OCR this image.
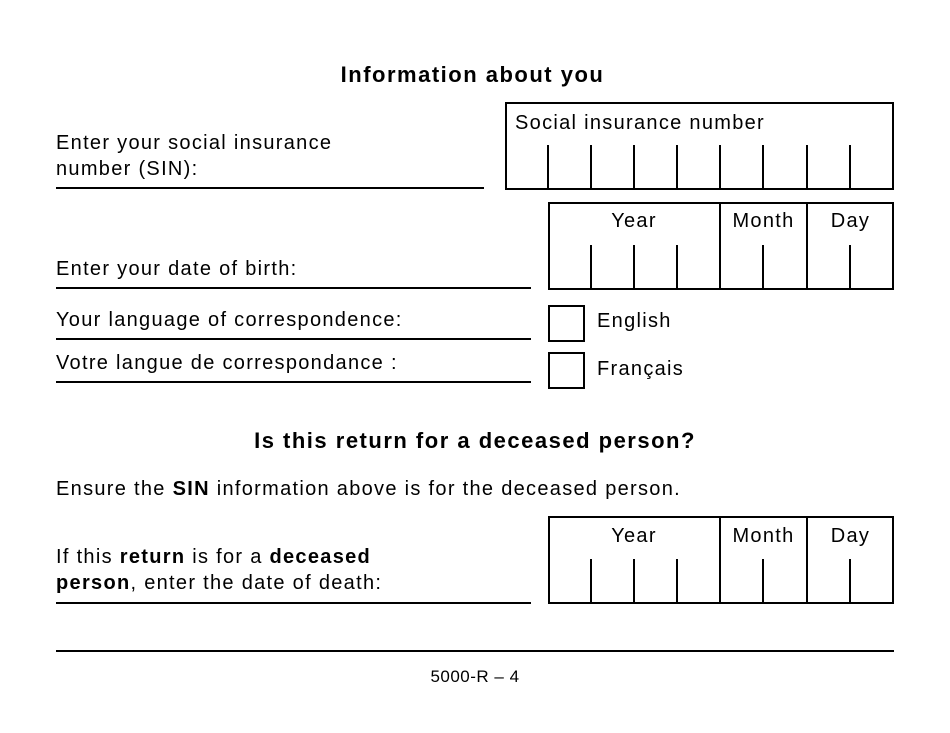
Information about you
Enter your social insurance
number (SIN):
Social insurance number
Enter your date of birth:
Year	Month	Day
Your language of correspondence:
Votre langue de correspondance :
English
Français
Is this return for a deceased person?
Ensure the SIN information above is for the deceased person.
If this return is for a deceased
person, enter the date of death:
Year	Month	Day
5000-R – 4
